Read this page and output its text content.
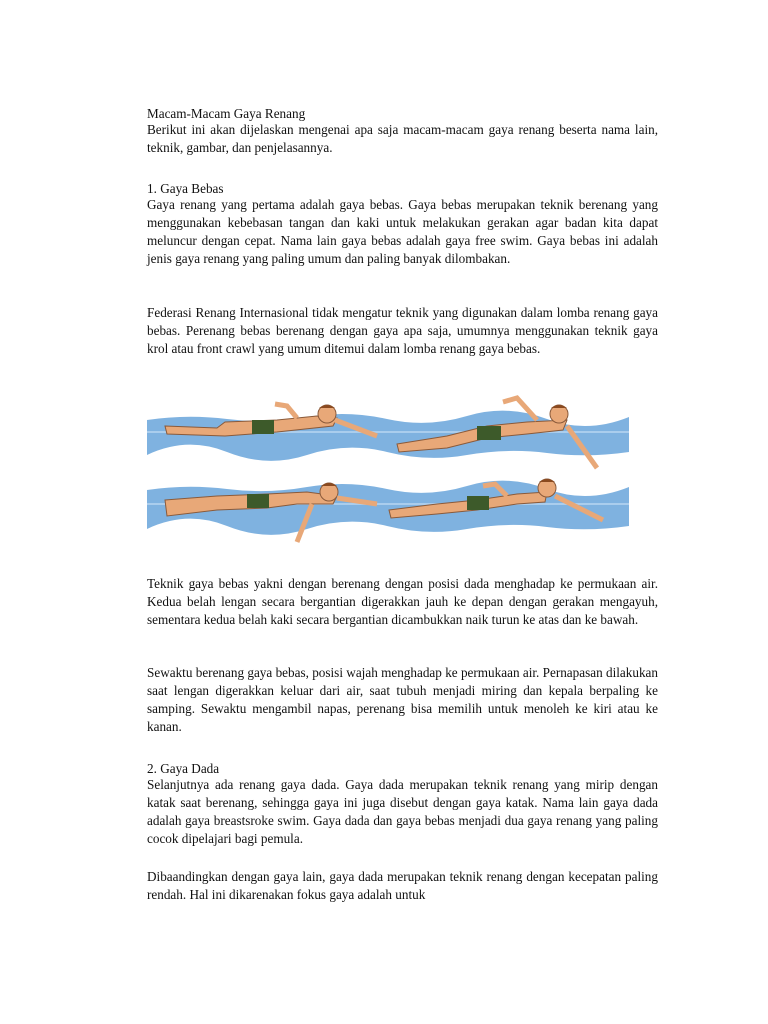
Macam-Macam Gaya Renang

Berikut ini akan dijelaskan mengenai apa saja macam-macam gaya renang beserta nama lain, teknik, gambar, dan penjelasannya.

1. Gaya Bebas

Gaya renang yang pertama adalah gaya bebas. Gaya bebas merupakan teknik berenang yang menggunakan kebebasan tangan dan kaki untuk melakukan gerakan agar badan kita dapat meluncur dengan cepat. Nama lain gaya bebas adalah gaya free swim. Gaya bebas ini adalah jenis gaya renang yang paling umum dan paling banyak dilombakan.

Federasi Renang Internasional tidak mengatur teknik yang digunakan dalam lomba renang gaya bebas. Perenang bebas berenang dengan gaya apa saja, umumnya menggunakan teknik gaya krol atau front crawl yang umum ditemui dalam lomba renang gaya bebas.

Teknik gaya bebas yakni dengan berenang dengan posisi dada menghadap ke permukaan air. Kedua belah lengan secara bergantian digerakkan jauh ke depan dengan gerakan mengayuh, sementara kedua belah kaki secara bergantian dicambukkan naik turun ke atas dan ke bawah.

Sewaktu berenang gaya bebas, posisi wajah menghadap ke permukaan air. Pernapasan dilakukan saat lengan digerakkan keluar dari air, saat tubuh menjadi miring dan kepala berpaling ke samping. Sewaktu mengambil napas, perenang bisa memilih untuk menoleh ke kiri atau ke kanan.

2. Gaya Dada

Selanjutnya ada renang gaya dada. Gaya dada merupakan teknik renang yang mirip dengan katak saat berenang, sehingga gaya ini juga disebut dengan gaya katak. Nama lain gaya dada adalah gaya breastsroke swim. Gaya dada dan gaya bebas menjadi dua gaya renang yang paling cocok dipelajari bagi pemula.

Dibaandingkan dengan gaya lain, gaya dada merupakan teknik renang dengan kecepatan paling rendah. Hal ini dikarenakan fokus gaya adalah untuk
